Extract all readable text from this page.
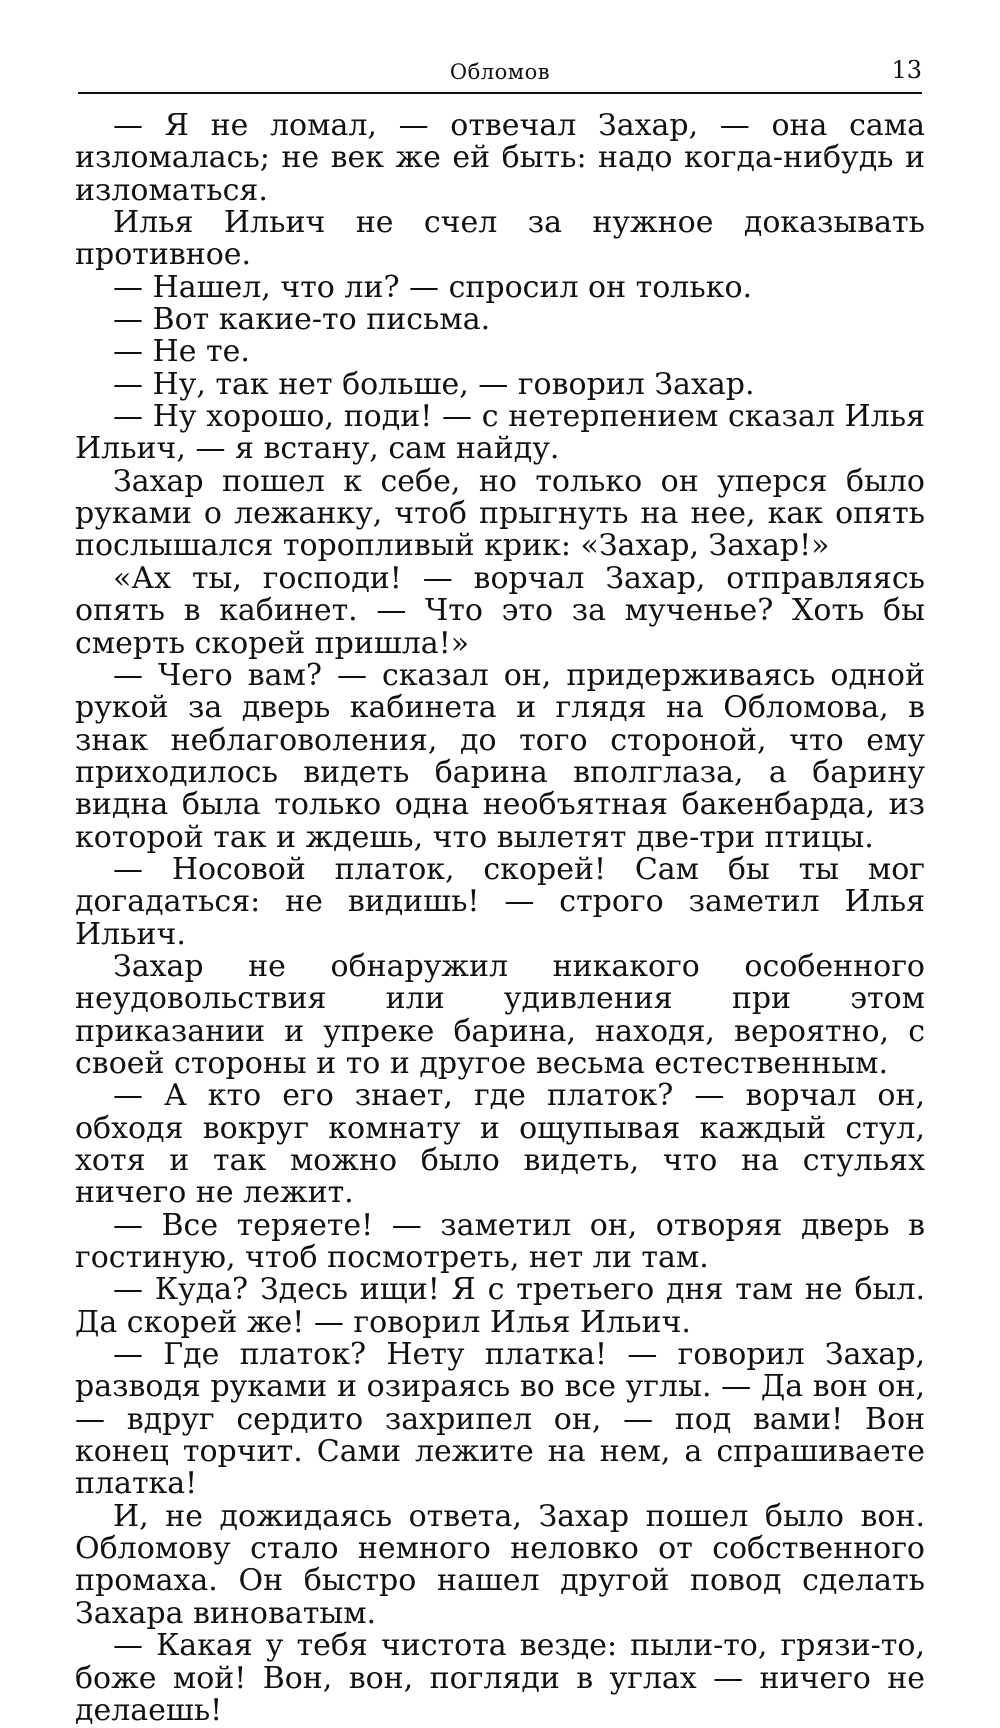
Обломов	13

— Я не ломал, — отвечал Захар, — она сама изломалась; не век же ей быть: надо когда-нибудь и изломаться.

Илья Ильич не счел за нужное доказывать противное.

— Нашел, что ли? — спросил он только.

— Вот какие-то письма.

— Не те.

— Ну, так нет больше, — говорил Захар.

— Ну хорошо, поди! — с нетерпением сказал Илья Ильич, — я встану, сам найду.

Захар пошел к себе, но только он уперся было руками о лежанку, чтоб прыгнуть на нее, как опять послышался торопливый крик: «Захар, Захар!»

«Ах ты, господи! — ворчал Захар, отправляясь опять в кабинет. — Что это за мученье? Хоть бы смерть скорей пришла!»

— Чего вам? — сказал он, придерживаясь одной рукой за дверь кабинета и глядя на Обломова, в знак неблаговоления, до того стороной, что ему приходилось видеть барина вполглаза, а барину видна была только одна необъятная бакенбарда, из которой так и ждешь, что вылетят две-три птицы.

— Носовой платок, скорей! Сам бы ты мог догадаться: не видишь! — строго заметил Илья Ильич.

Захар не обнаружил никакого особенного неудовольствия или удивления при этом приказании и упреке барина, находя, вероятно, с своей стороны и то и другое весьма естественным.

— А кто его знает, где платок? — ворчал он, обходя вокруг комнату и ощупывая каждый стул, хотя и так можно было видеть, что на стульях ничего не лежит.

— Все теряете! — заметил он, отворяя дверь в гостиную, чтоб посмотреть, нет ли там.

— Куда? Здесь ищи! Я с третьего дня там не был. Да скорей же! — говорил Илья Ильич.

— Где платок? Нету платка! — говорил Захар, разводя руками и озираясь во все углы. — Да вон он, — вдруг сердито захрипел он, — под вами! Вон конец торчит. Сами лежите на нем, а спрашиваете платка!

И, не дожидаясь ответа, Захар пошел было вон. Обломову стало немного неловко от собственного промаха. Он быстро нашел другой повод сделать Захара виноватым.

— Какая у тебя чистота везде: пыли-то, грязи-то, боже мой! Вон, вон, погляди в углах — ничего не делаешь!
